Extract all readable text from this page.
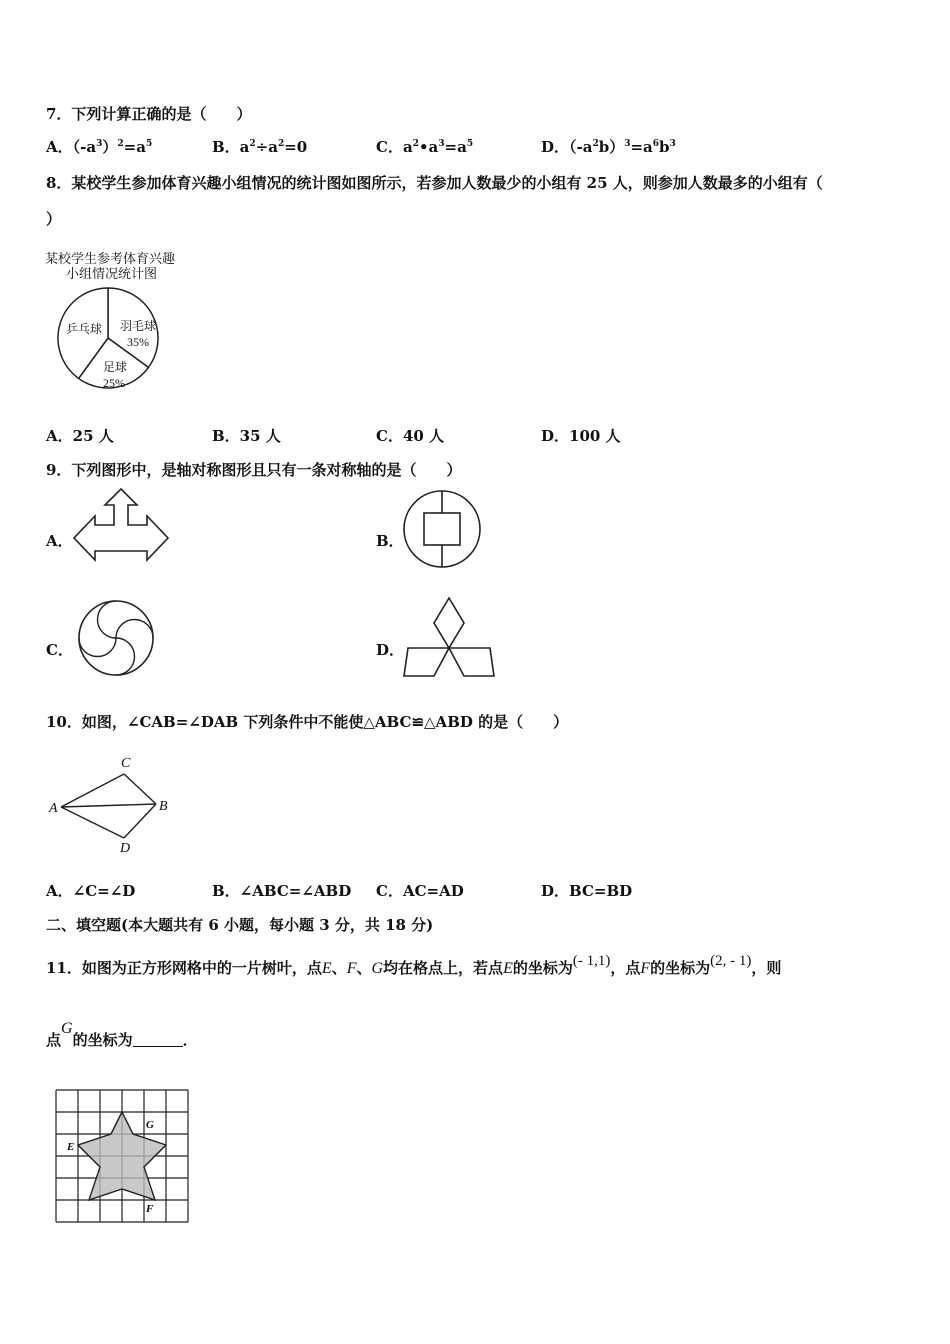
7．下列计算正确的是（　　）
A．$(-a^3)^2=a^5$	B．$a^2\div a^2=0$	C．$a^2•a^3=a^5$	D．$(-a^2b)^3=a^6b^3$
8．某校学生参加体育兴趣小组情况的统计图如图所示，若参加人数最少的小组有 25 人，则参加人数最多的小组有（
）
某校学生参考体育兴趣
小组情况统计图
乒乓球 羽毛球
35%
足球
25%
A．25 人	B．35 人	C．40 人	D．100 人
9．下列图形中，是轴对称图形且只有一条对称轴的是（　　）
A．	B．
C．	D．
10．如图，∠CAB=∠DAB 下列条件中不能使△ABC≌△ABD 的是（　　）
C
A	B
D
A．∠C=∠D	B．∠ABC=∠ABD C．AC=AD	D．BC=BD
二、填空题(本大题共有 6 小题，每小题 3 分，共 18 分)
11．如图为正方形网格中的一片树叶，点E、F、G均在格点上，若点E的坐标为(- 1,1)，点F的坐标为(2, - 1)，则
点G的坐标为	．
E
G
F
